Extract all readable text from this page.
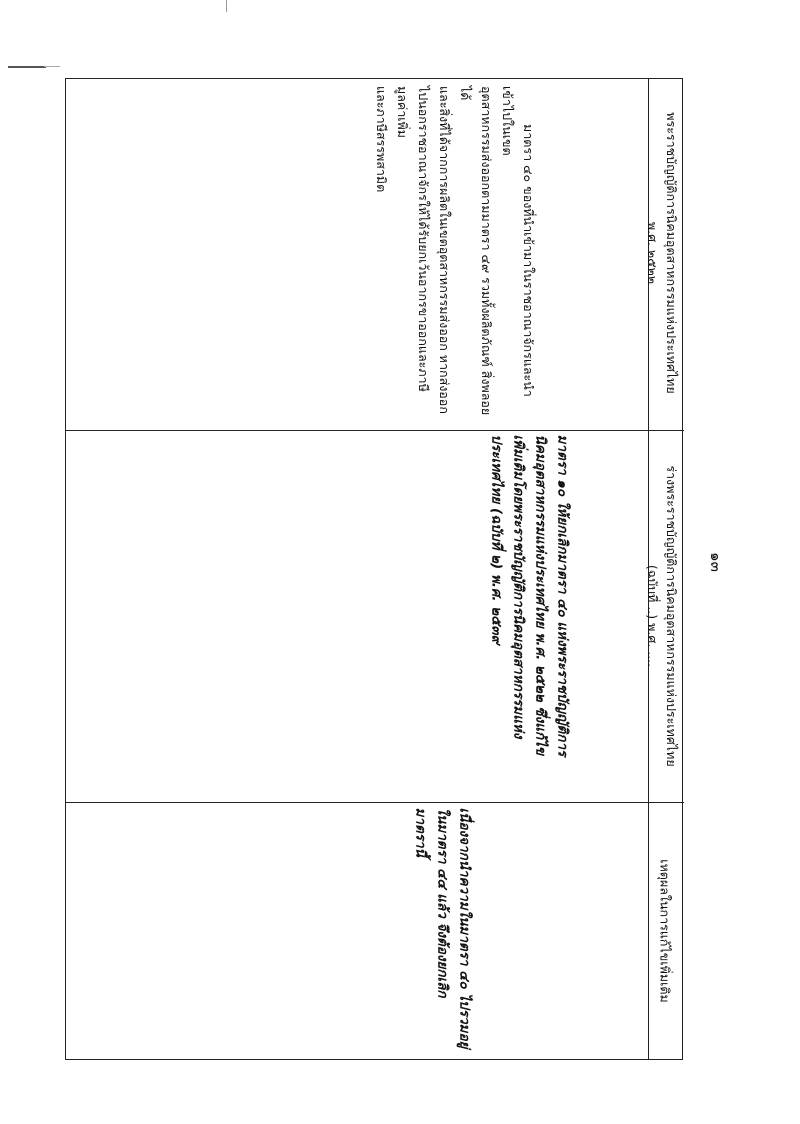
๑๓
พระราชบัญญัติการนิคมอุตสาหกรรมแห่งประเทศไทย
พ.ศ. ๒๕๒๒
ร่างพระราชบัญญัติการนิคมอุตสาหกรรมแห่งประเทศไทย
(ฉบับที่ ..) พ.ศ. ....
เหตุผลในการแก้ไขเพิ่มเติม
มาตรา ๔๐ ของที่นำเข้ามาในราชอาณาจักรและนำเข้าไปในเขต
อุตสาหกรรมส่งออกตามมาตรา ๔๙ รวมทั้งผลิตภัณฑ์ สิ่งพลอยได้
และสิ่งที่ได้จากการผลิตในเขตอุตสาหกรรมส่งออก หากส่งออก
ไปนอกราชอาณาจักรให้ได้รับยกเว้นอากรขาออกและภาษีมูลค่าเพิ่ม
และภาษีสรรพสามิต
มาตรา ๑๐ ให้ยกเลิกมาตรา ๔๐ แห่งพระราชบัญญัติการ
นิคมอุตสาหกรรมแห่งประเทศไทย พ.ศ. ๒๕๒๒ ซึ่งแก้ไข
เพิ่มเติมโดยพระราชบัญญัติการนิคมอุตสาหกรรมแห่ง
ประเทศไทย (ฉบับที่ ๒) พ.ศ. ๒๕๓๙
เนื่องจากนำความในมาตรา ๔๐ ไปรวมอยู่
ในมาตรา ๔๔ แล้ว จึงต้องยกเลิก
มาตรานี้
